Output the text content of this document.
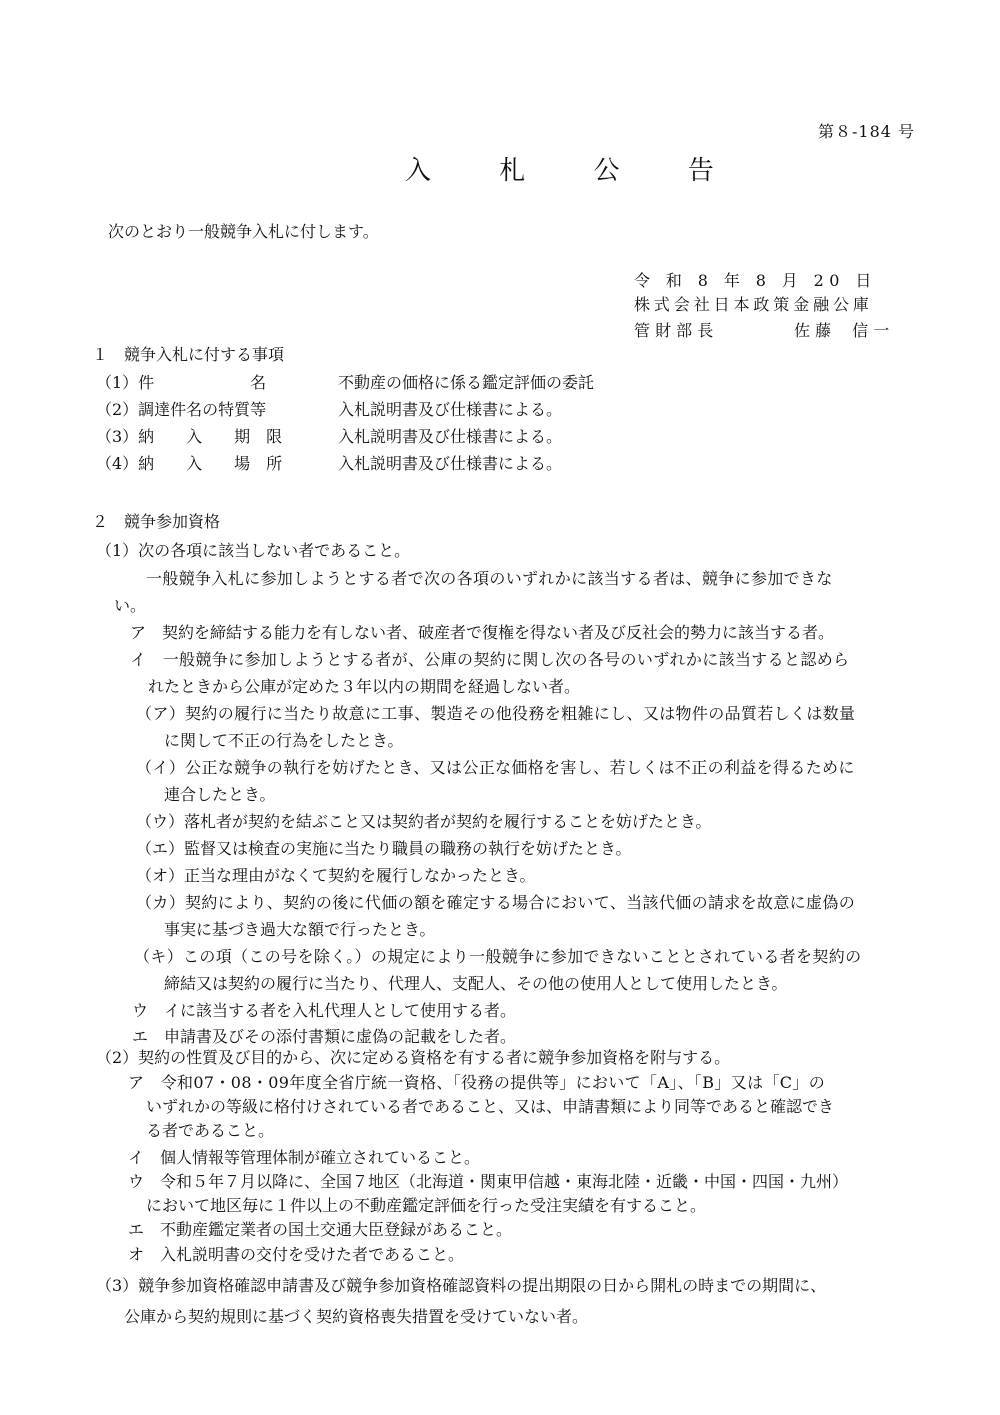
第８-184 号
入 札 公 告
次のとおり一般競争入札に付します。
令 和 8 年 8 月 20 日
株式会社日本政策金融公庫
管 財 部 長	佐 藤　 信 一
１　競争入札に付する事項
（1）件　　　　　　名	不動産の価格に係る鑑定評価の委託
（2）調達件名の特質等	入札説明書及び仕様書による。
（3）納　　入　　期　限	入札説明書及び仕様書による。
（4）納　　入　　場　所	入札説明書及び仕様書による。
２　競争参加資格
（1）次の各項に該当しない者であること。
一般競争入札に参加しようとする者で次の各項のいずれかに該当する者は、競争に参加できな
い。
ア　契約を締結する能力を有しない者、破産者で復権を得ない者及び反社会的勢力に該当する者。
イ　一般競争に参加しようとする者が、公庫の契約に関し次の各号のいずれかに該当すると認めら
れたときから公庫が定めた３年以内の期間を経過しない者。
（ア）契約の履行に当たり故意に工事、製造その他役務を粗雑にし、又は物件の品質若しくは数量
に関して不正の行為をしたとき。
（イ）公正な競争の執行を妨げたとき、又は公正な価格を害し、若しくは不正の利益を得るために
連合したとき。
（ウ）落札者が契約を結ぶこと又は契約者が契約を履行することを妨げたとき。
（エ）監督又は検査の実施に当たり職員の職務の執行を妨げたとき。
（オ）正当な理由がなくて契約を履行しなかったとき。
（カ）契約により、契約の後に代価の額を確定する場合において、当該代価の請求を故意に虚偽の
事実に基づき過大な額で行ったとき。
（キ）この項（この号を除く。）の規定により一般競争に参加できないこととされている者を契約の
締結又は契約の履行に当たり、代理人、支配人、その他の使用人として使用したとき。
ウ　イに該当する者を入札代理人として使用する者。
エ　申請書及びその添付書類に虚偽の記載をした者。
（2）契約の性質及び目的から、次に定める資格を有する者に競争参加資格を附与する。
ア　令和07・08・09年度全省庁統一資格、「役務の提供等」において「A」、「B」又は「C」の
いずれかの等級に格付けされている者であること、又は、申請書類により同等であると確認でき
る者であること。
イ　個人情報等管理体制が確立されていること。
ウ　令和５年７月以降に、全国７地区（北海道・関東甲信越・東海北陸・近畿・中国・四国・九州）
において地区毎に１件以上の不動産鑑定評価を行った受注実績を有すること。
エ　不動産鑑定業者の国土交通大臣登録があること。
オ　入札説明書の交付を受けた者であること。
（3）競争参加資格確認申請書及び競争参加資格確認資料の提出期限の日から開札の時までの期間に、
公庫から契約規則に基づく契約資格喪失措置を受けていない者。
